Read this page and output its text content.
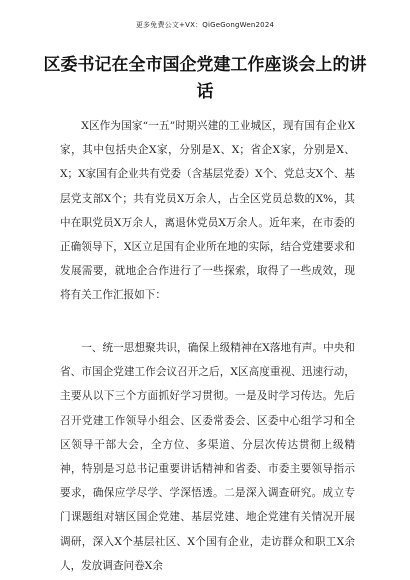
更多免费公文+VX：QiGeGongWen2024
区委书记在全市国企党建工作座谈会上的讲话

X区作为国家“一五”时期兴建的工业城区，现有国有企业X家，其中包括央企X家，分别是X、X；省企X家，分别是X、X；X家国有企业共有党委（含基层党委）X个、党总支X个、基层党支部X个；共有党员X万余人，占全区党员总数的X%，其中在职党员X万余人，离退休党员X万余人。近年来，在市委的正确领导下，X区立足国有企业所在地的实际，结合党建要求和发展需要，就地企合作进行了一些探索，取得了一些成效，现将有关工作汇报如下：

一、统一思想聚共识，确保上级精神在X落地有声。中央和省、市国企党建工作会议召开之后，X区高度重视、迅速行动，主要从以下三个方面抓好学习贯彻。一是及时学习传达。先后召开党建工作领导小组会、区委常委会、区委中心组学习和全区领导干部大会，全方位、多渠道、分层次传达贯彻上级精神，特别是习总书记重要讲话精神和省委、市委主要领导指示要求，确保应学尽学、学深悟透。二是深入调查研究。成立专门课题组对辖区国企党建、基层党建、地企党建有关情况开展调研，深入X个基层社区、X个国有企业，走访群众和职工X余人，发放调查问卷X余
